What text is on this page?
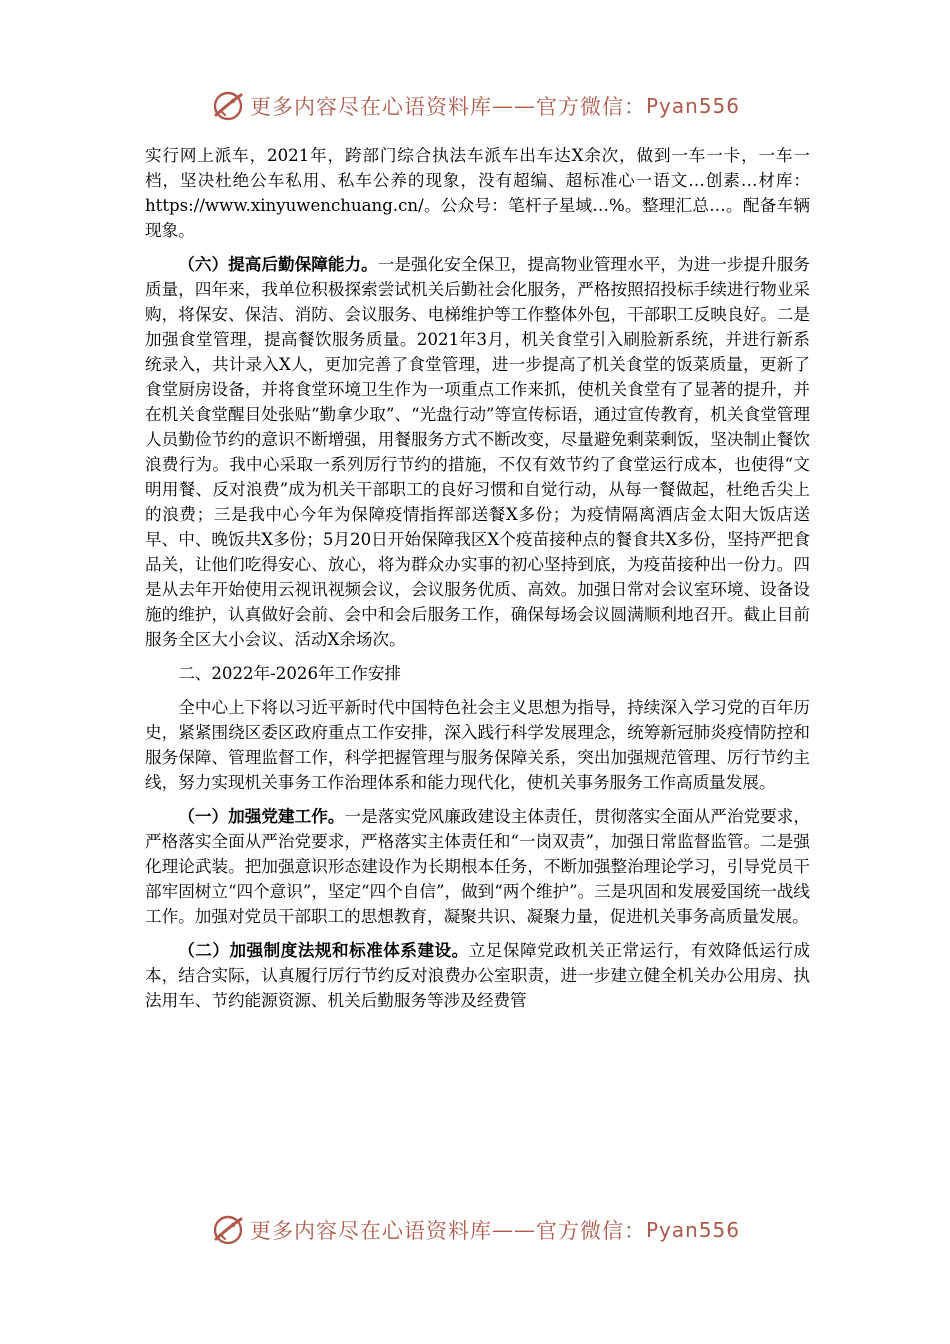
更多内容尽在心语资料库 —— 官方微信： Pyan556

实行网上派车，2021年，跨部门综合执法车派车出车达X余次，做到一车一卡，一车一档，坚决杜绝公车私用、私车公养的现象，没有超编、超标准心一语文…创素…材库：https://www.xinyuwenchuang.cn/。公众号：笔杆子星域…%。整理汇总…。配备车辆现象。

（六）提高后勤保障能力。一是强化安全保卫，提高物业管理水平，为进一步提升服务质量，四年来，我单位积极探索尝试机关后勤社会化服务，严格按照招投标手续进行物业采购，将保安、保洁、消防、会议服务、电梯维护等工作整体外包，干部职工反映良好。二是加强食堂管理，提高餐饮服务质量。2021年3月，机关食堂引入刷脸新系统，并进行新系统录入，共计录入X人，更加完善了食堂管理，进一步提高了机关食堂的饭菜质量，更新了食堂厨房设备，并将食堂环境卫生作为一项重点工作来抓，使机关食堂有了显著的提升，并在机关食堂醒目处张贴“勤拿少取”、“光盘行动”等宣传标语，通过宣传教育，机关食堂管理人员勤俭节约的意识不断增强，用餐服务方式不断改变，尽量避免剩菜剩饭，坚决制止餐饮浪费行为。我中心采取一系列厉行节约的措施，不仅有效节约了食堂运行成本，也使得“文明用餐、反对浪费”成为机关干部职工的良好习惯和自觉行动，从每一餐做起，杜绝舌尖上的浪费；三是我中心今年为保障疫情指挥部送餐X多份；为疫情隔离酒店金太阳大饭店送早、中、晚饭共X多份；5月20日开始保障我区X个疫苗接种点的餐食共X多份，坚持严把食品关，让他们吃得安心、放心，将为群众办实事的初心坚持到底，为疫苗接种出一份力。四是从去年开始使用云视讯视频会议，会议服务优质、高效。加强日常对会议室环境、设备设施的维护，认真做好会前、会中和会后服务工作，确保每场会议圆满顺利地召开。截止目前服务全区大小会议、活动X余场次。

二、2022年-2026年工作安排

全中心上下将以习近平新时代中国特色社会主义思想为指导，持续深入学习党的百年历史，紧紧围绕区委区政府重点工作安排，深入践行科学发展理念，统筹新冠肺炎疫情防控和服务保障、管理监督工作，科学把握管理与服务保障关系，突出加强规范管理、厉行节约主线，努力实现机关事务工作治理体系和能力现代化，使机关事务服务工作高质量发展。

（一）加强党建工作。一是落实党风廉政建设主体责任，贯彻落实全面从严治党要求，严格落实全面从严治党要求，严格落实主体责任和“一岗双责”，加强日常监督监管。二是强化理论武装。把加强意识形态建设作为长期根本任务，不断加强整治理论学习，引导党员干部牢固树立“四个意识”，坚定“四个自信”，做到“两个维护”。三是巩固和发展爱国统一战线工作。加强对党员干部职工的思想教育，凝聚共识、凝聚力量，促进机关事务高质量发展。

（二）加强制度法规和标准体系建设。立足保障党政机关正常运行，有效降低运行成本，结合实际，认真履行厉行节约反对浪费办公室职责，进一步建立健全机关办公用房、执法用车、节约能源资源、机关后勤服务等涉及经费管

更多内容尽在心语资料库 —— 官方微信： Pyan556
